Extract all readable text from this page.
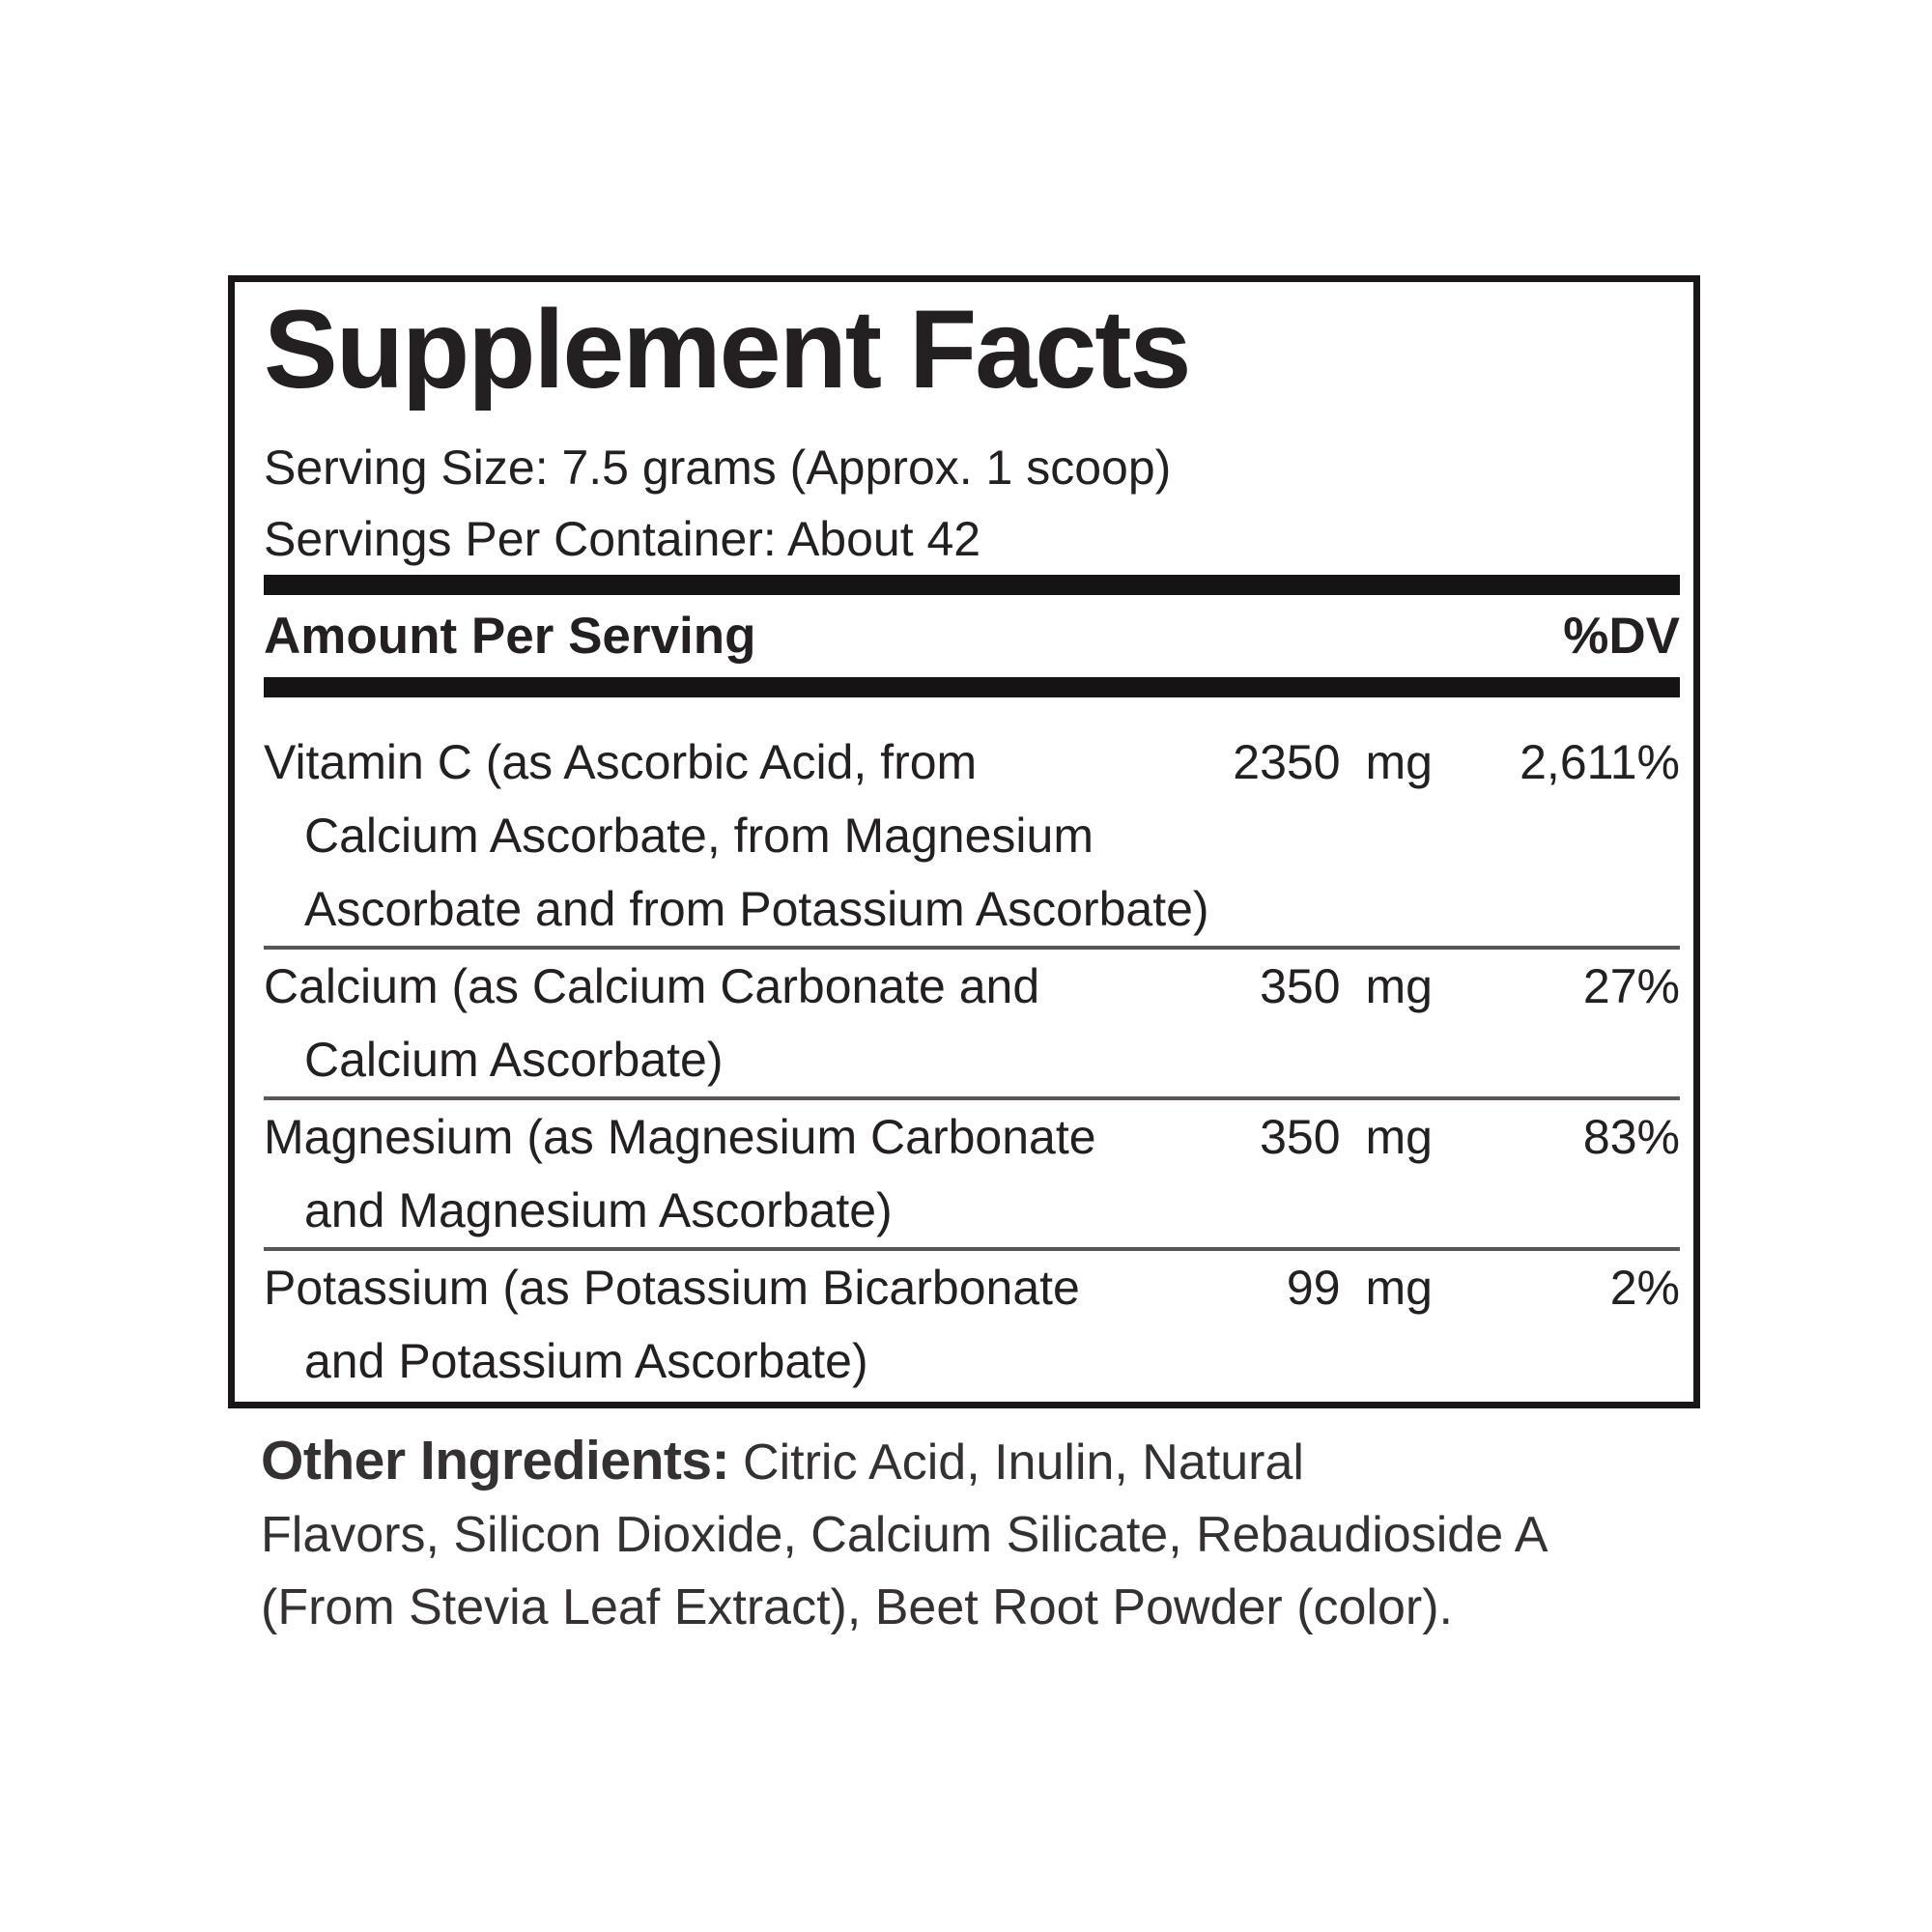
Supplement Facts

Serving Size: 7.5 grams (Approx. 1 scoop)

Servings Per Container: About 42

Amount Per Serving	%DV
Vitamin C (as Ascorbic Acid, from	2350 mg	2,611%
Calcium Ascorbate, from Magnesium
Ascorbate and from Potassium Ascorbate)
Calcium (as Calcium Carbonate and	350 mg	27%
Calcium Ascorbate)
Magnesium (as Magnesium Carbonate	350 mg	83%
and Magnesium Ascorbate)
Potassium (as Potassium Bicarbonate	99 mg	2%
and Potassium Ascorbate)

Other Ingredients: Citric Acid, Inulin, Natural
Flavors, Silicon Dioxide, Calcium Silicate, Rebaudioside A
(From Stevia Leaf Extract), Beet Root Powder (color).
